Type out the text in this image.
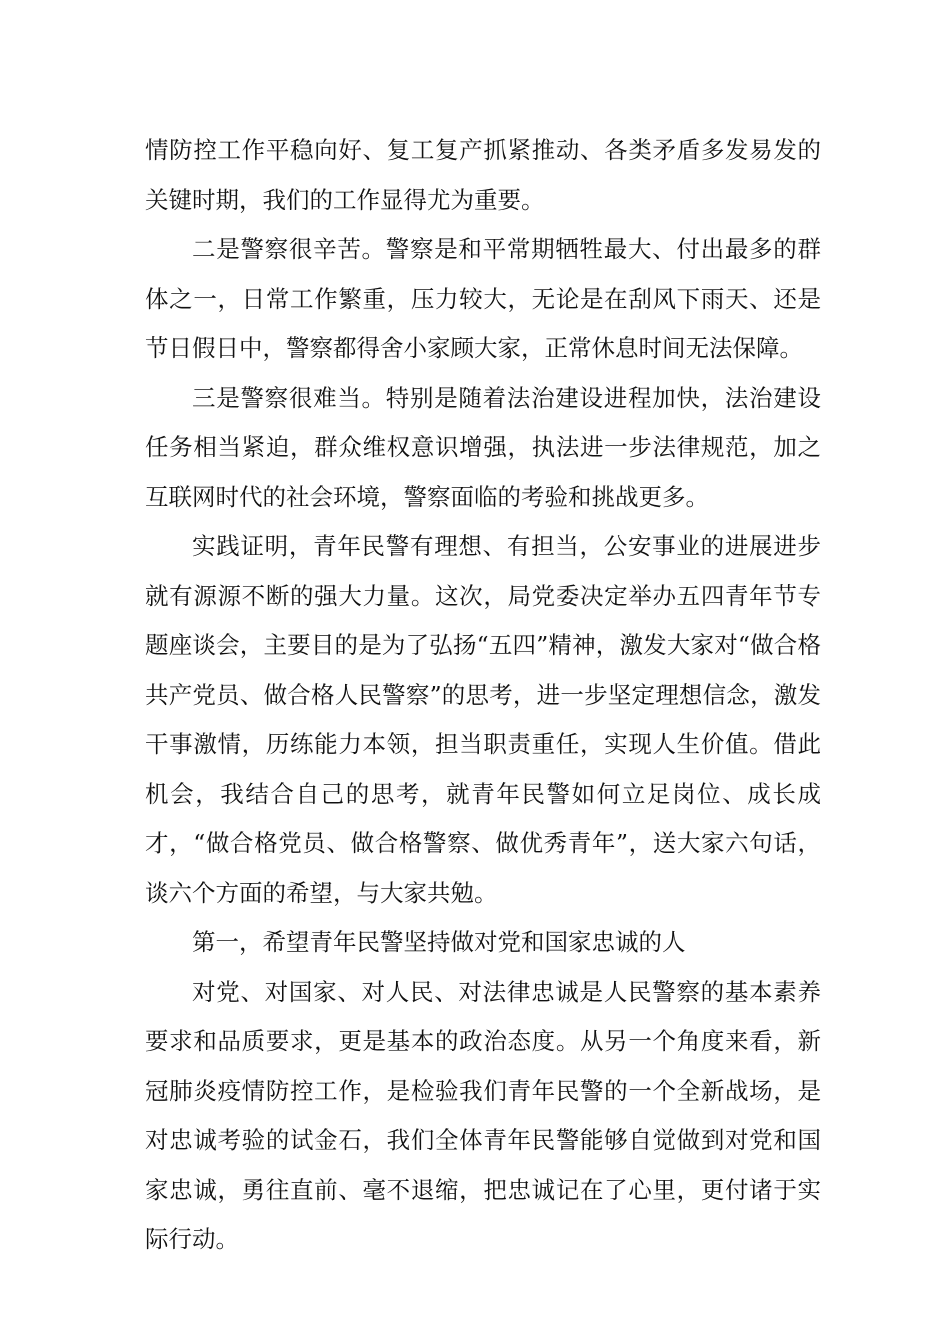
情防控工作平稳向好、复工复产抓紧推动、各类矛盾多发易发的关键时期，我们的工作显得尤为重要。

二是警察很辛苦。警察是和平常期牺牲最大、付出最多的群体之一，日常工作繁重，压力较大，无论是在刮风下雨天、还是节日假日中，警察都得舍小家顾大家，正常休息时间无法保障。

三是警察很难当。特别是随着法治建设进程加快，法治建设任务相当紧迫，群众维权意识增强，执法进一步法律规范，加之互联网时代的社会环境，警察面临的考验和挑战更多。

实践证明，青年民警有理想、有担当，公安事业的进展进步就有源源不断的强大力量。这次，局党委决定举办五四青年节专题座谈会，主要目的是为了弘扬“五四”精神，激发大家对“做合格共产党员、做合格人民警察”的思考，进一步坚定理想信念，激发干事激情，历练能力本领，担当职责重任，实现人生价值。借此机会，我结合自己的思考，就青年民警如何立足岗位、成长成才，“做合格党员、做合格警察、做优秀青年”，送大家六句话，谈六个方面的希望，与大家共勉。

第一，希望青年民警坚持做对党和国家忠诚的人

对党、对国家、对人民、对法律忠诚是人民警察的基本素养要求和品质要求，更是基本的政治态度。从另一个角度来看，新冠肺炎疫情防控工作，是检验我们青年民警的一个全新战场，是对忠诚考验的试金石，我们全体青年民警能够自觉做到对党和国家忠诚，勇往直前、毫不退缩，把忠诚记在了心里，更付诸于实际行动。
